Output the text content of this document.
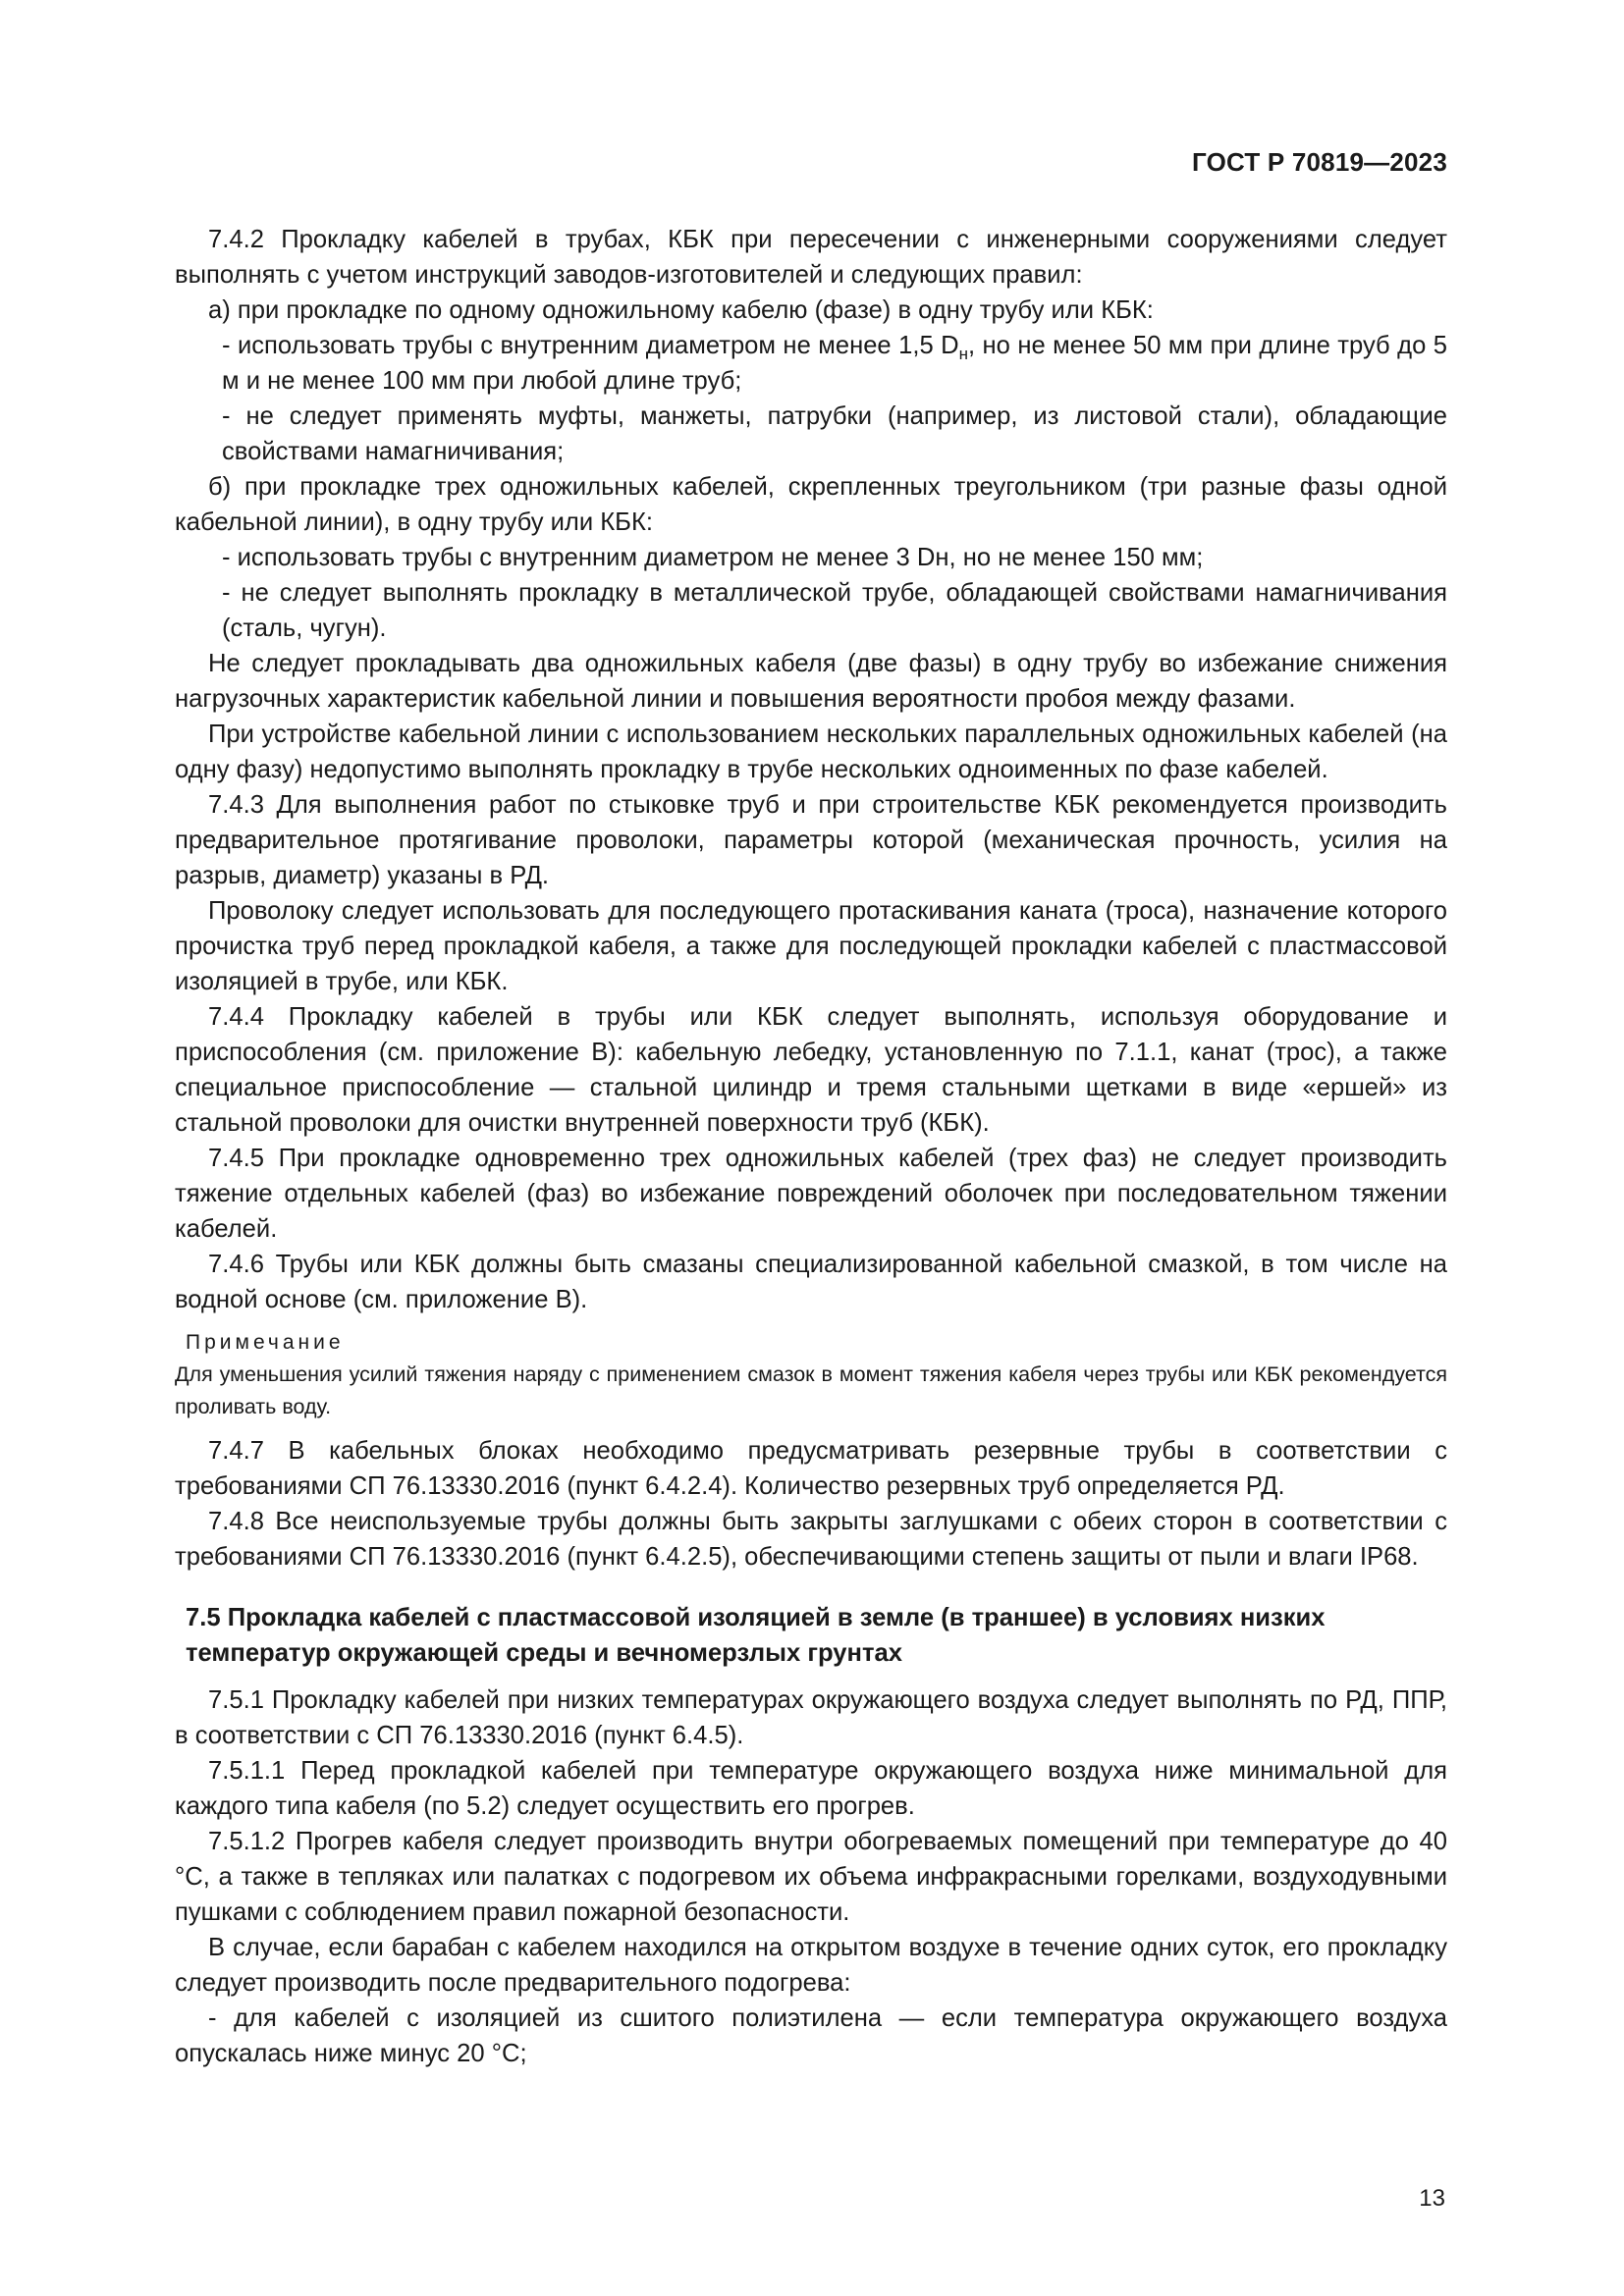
ГОСТ Р 70819—2023

7.4.2 Прокладку кабелей в трубах, КБК при пересечении с инженерными сооружениями следует выполнять с учетом инструкций заводов-изготовителей и следующих правил:

а) при прокладке по одному одножильному кабелю (фазе) в одну трубу или КБК:

- использовать трубы с внутренним диаметром не менее 1,5 $D_н$, но не менее 50 мм при длине труб до 5 м и не менее 100 мм при любой длине труб;

- не следует применять муфты, манжеты, патрубки (например, из листовой стали), обладающие свойствами намагничивания;

б) при прокладке трех одножильных кабелей, скрепленных треугольником (три разные фазы одной кабельной линии), в одну трубу или КБК:

- использовать трубы с внутренним диаметром не менее 3 Dн, но не менее 150 мм;

- не следует выполнять прокладку в металлической трубе, обладающей свойствами намагничивания (сталь, чугун).

Не следует прокладывать два одножильных кабеля (две фазы) в одну трубу во избежание снижения нагрузочных характеристик кабельной линии и повышения вероятности пробоя между фазами.

При устройстве кабельной линии с использованием нескольких параллельных одножильных кабелей (на одну фазу) недопустимо выполнять прокладку в трубе нескольких одноименных по фазе кабелей.

7.4.3 Для выполнения работ по стыковке труб и при строительстве КБК рекомендуется производить предварительное протягивание проволоки, параметры которой (механическая прочность, усилия на разрыв, диаметр) указаны в РД.

Проволоку следует использовать для последующего протаскивания каната (троса), назначение которого прочистка труб перед прокладкой кабеля, а также для последующей прокладки кабелей с пластмассовой изоляцией в трубе, или КБК.

7.4.4 Прокладку кабелей в трубы или КБК следует выполнять, используя оборудование и приспособления (см. приложение В): кабельную лебедку, установленную по 7.1.1, канат (трос), а также специальное приспособление — стальной цилиндр и тремя стальными щетками в виде «ершей» из стальной проволоки для очистки внутренней поверхности труб (КБК).

7.4.5 При прокладке одновременно трех одножильных кабелей (трех фаз) не следует производить тяжение отдельных кабелей (фаз) во избежание повреждений оболочек при последовательном тяжении кабелей.

7.4.6 Трубы или КБК должны быть смазаны специализированной кабельной смазкой, в том числе на водной основе (см. приложение В).

Примечание

Для уменьшения усилий тяжения наряду с применением смазок в момент тяжения кабеля через трубы или КБК рекомендуется проливать воду.

7.4.7 В кабельных блоках необходимо предусматривать резервные трубы в соответствии с требованиями СП 76.13330.2016 (пункт 6.4.2.4). Количество резервных труб определяется РД.

7.4.8 Все неиспользуемые трубы должны быть закрыты заглушками с обеих сторон в соответствии с требованиями СП 76.13330.2016 (пункт 6.4.2.5), обеспечивающими степень защиты от пыли и влаги IP68.

7.5 Прокладка кабелей с пластмассовой изоляцией в земле (в траншее) в условиях низких
температур окружающей среды и вечномерзлых грунтах

7.5.1 Прокладку кабелей при низких температурах окружающего воздуха следует выполнять по РД, ППР, в соответствии с СП 76.13330.2016 (пункт 6.4.5).

7.5.1.1 Перед прокладкой кабелей при температуре окружающего воздуха ниже минимальной для каждого типа кабеля (по 5.2) следует осуществить его прогрев.

7.5.1.2 Прогрев кабеля следует производить внутри обогреваемых помещений при температуре до 40 °С, а также в тепляках или палатках с подогревом их объема инфракрасными горелками, воздуходувными пушками с соблюдением правил пожарной безопасности.

В случае, если барабан с кабелем находился на открытом воздухе в течение одних суток, его прокладку следует производить после предварительного подогрева:

- для кабелей с изоляцией из сшитого полиэтилена — если температура окружающего воздуха опускалась ниже минус 20 °С;

13
